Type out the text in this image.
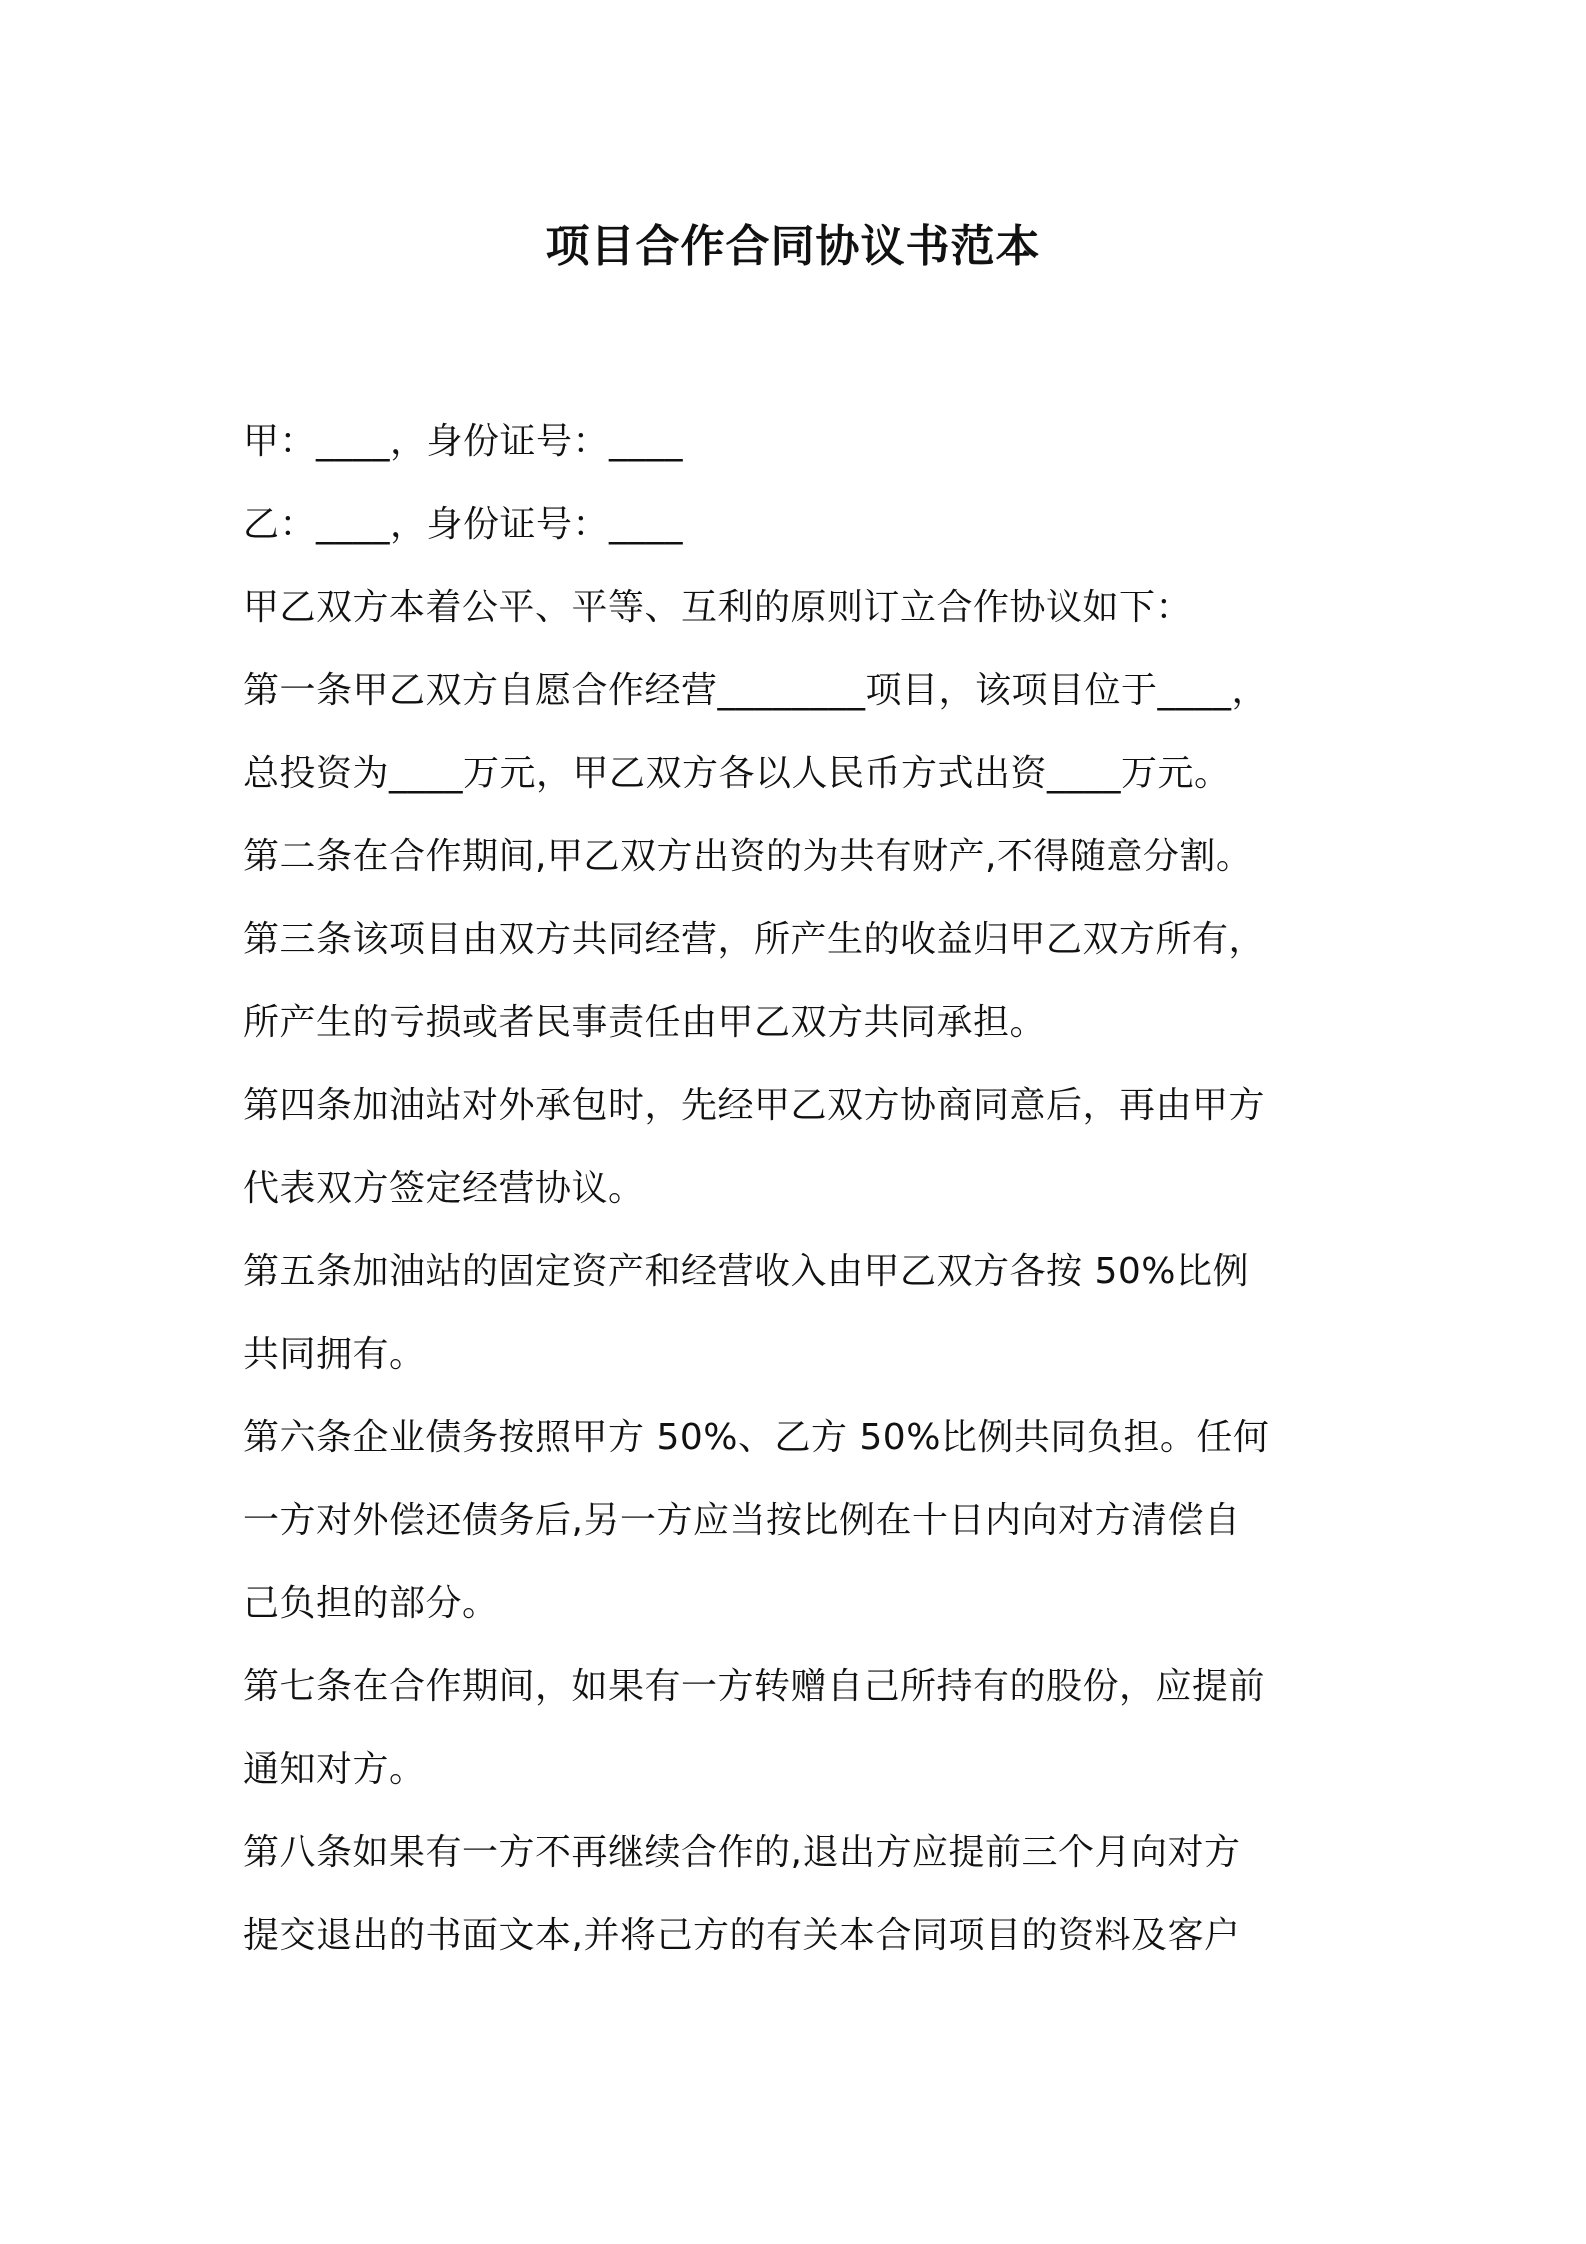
项目合作合同协议书范本
甲：____，身份证号：____
乙：____，身份证号：____
甲乙双方本着公平、平等、互利的原则订立合作协议如下：
第一条甲乙双方自愿合作经营________项目，该项目位于____，
总投资为____万元，甲乙双方各以人民币方式出资____万元。
第二条在合作期间,甲乙双方出资的为共有财产,不得随意分割。
第三条该项目由双方共同经营，所产生的收益归甲乙双方所有，
所产生的亏损或者民事责任由甲乙双方共同承担。
第四条加油站对外承包时，先经甲乙双方协商同意后，再由甲方
代表双方签定经营协议。
第五条加油站的固定资产和经营收入由甲乙双方各按 50%比例
共同拥有。
第六条企业债务按照甲方 50%、乙方 50%比例共同负担。任何
一方对外偿还债务后,另一方应当按比例在十日内向对方清偿自
己负担的部分。
第七条在合作期间，如果有一方转赠自己所持有的股份，应提前
通知对方。
第八条如果有一方不再继续合作的,退出方应提前三个月向对方
提交退出的书面文本,并将己方的有关本合同项目的资料及客户
